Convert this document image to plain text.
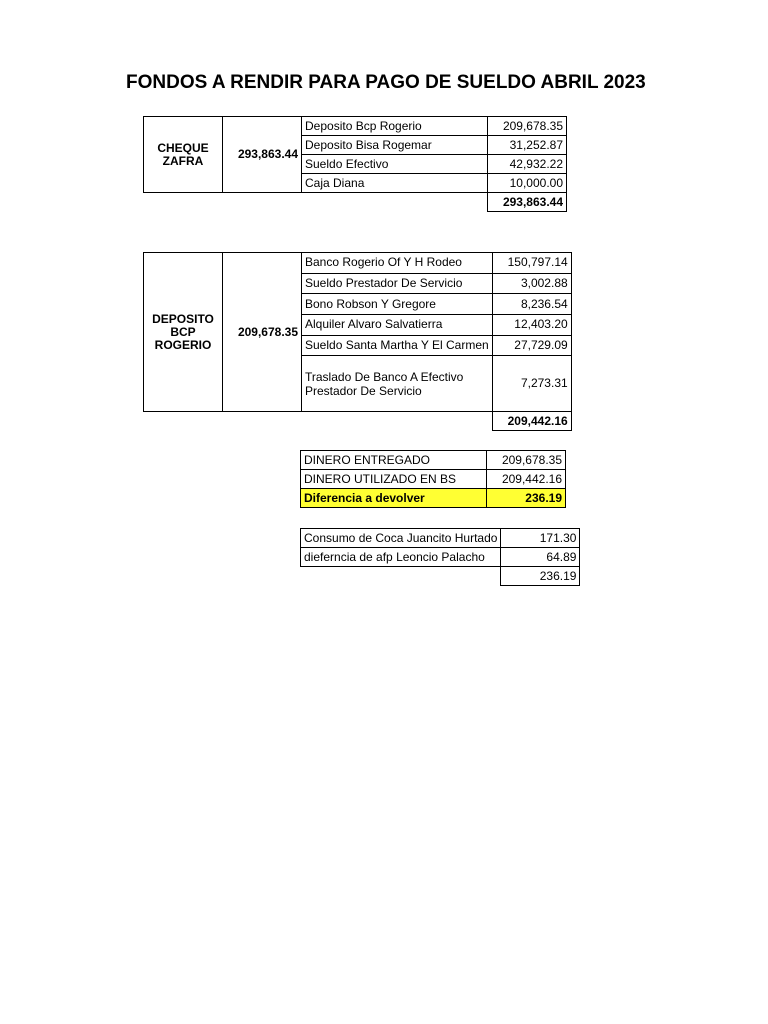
FONDOS A RENDIR PARA PAGO DE SUELDO ABRIL 2023
CHEQUE ZAFRA	293,863.44	Deposito Bcp Rogerio	209,678.35
		Deposito Bisa Rogemar	31,252.87
		Sueldo Efectivo	42,932.22
		Caja Diana	10,000.00
			293,863.44
DEPOSITO BCP ROGERIO	209,678.35	Banco Rogerio Of Y H Rodeo	150,797.14
		Sueldo Prestador De Servicio	3,002.88
		Bono Robson Y Gregore	8,236.54
		Alquiler Alvaro Salvatierra	12,403.20
		Sueldo Santa Martha Y El Carmen	27,729.09
		Traslado De Banco A Efectivo Prestador De Servicio	7,273.31
			209,442.16
DINERO ENTREGADO	209,678.35
DINERO UTILIZADO EN BS	209,442.16
Diferencia a devolver	236.19
Consumo de Coca Juancito Hurtado	171.30
dieferncia de afp Leoncio Palacho	64.89
	236.19
